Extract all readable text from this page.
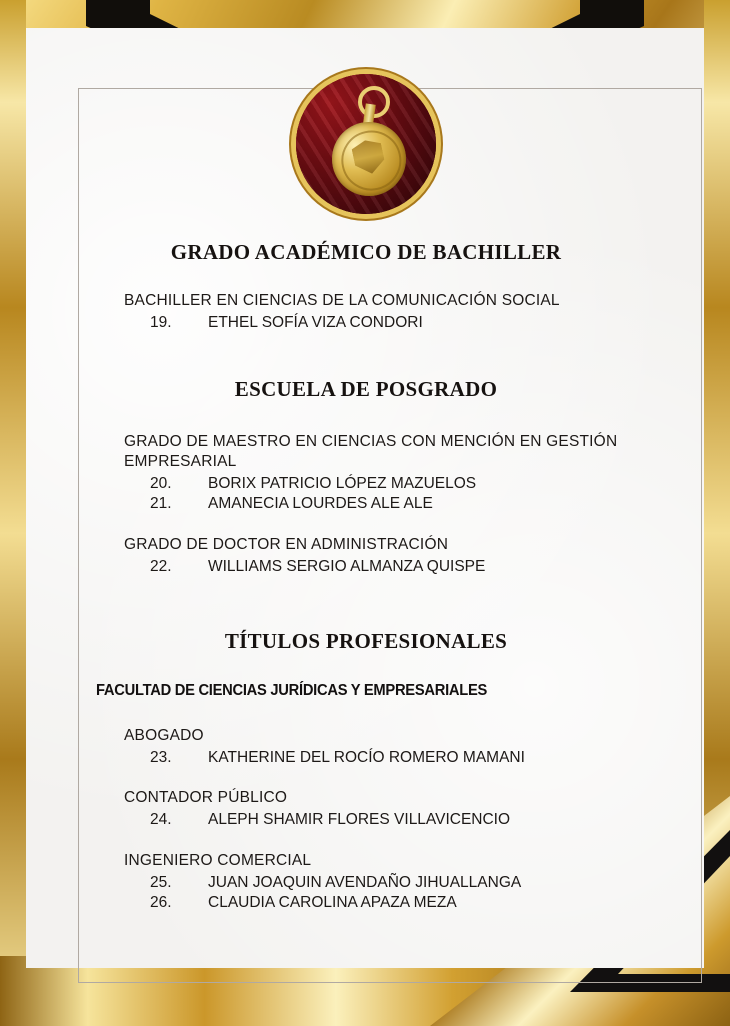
GRADO ACADÉMICO DE BACHILLER

BACHILLER EN CIENCIAS DE LA COMUNICACIÓN SOCIAL

19.	ETHEL SOFÍA VIZA CONDORI
ESCUELA DE POSGRADO

GRADO DE MAESTRO EN CIENCIAS CON MENCIÓN EN GESTIÓN EMPRESARIAL

20.	BORIX PATRICIO LÓPEZ MAZUELOS
21.	AMANECIA LOURDES ALE ALE

GRADO DE DOCTOR EN ADMINISTRACIÓN

22.	WILLIAMS SERGIO ALMANZA QUISPE
TÍTULOS PROFESIONALES

FACULTAD DE CIENCIAS JURÍDICAS Y EMPRESARIALES

ABOGADO

23.	KATHERINE DEL ROCÍO ROMERO MAMANI

CONTADOR PÚBLICO

24.	ALEPH SHAMIR FLORES VILLAVICENCIO

INGENIERO COMERCIAL

25.	JUAN JOAQUIN AVENDAÑO JIHUALLANGA
26.	CLAUDIA CAROLINA APAZA MEZA
